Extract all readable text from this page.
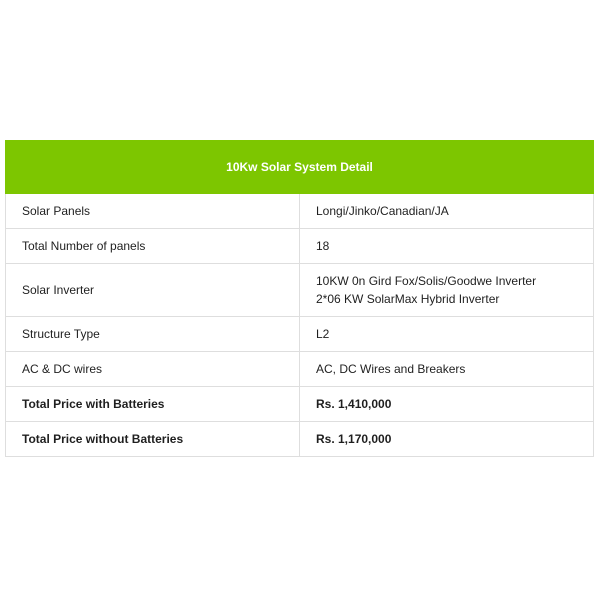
10Kw Solar System Detail	
Solar Panels	Longi/Jinko/Canadian/JA

Total Number of panels	18

Solar Inverter	10KW 0n Gird Fox/Solis/Goodwe Inverter
2*06 KW SolarMax Hybrid Inverter

Structure Type	L2

AC & DC wires	AC, DC Wires and Breakers

Total Price with Batteries	Rs. 1,410,000

Total Price without Batteries	Rs. 1,170,000
